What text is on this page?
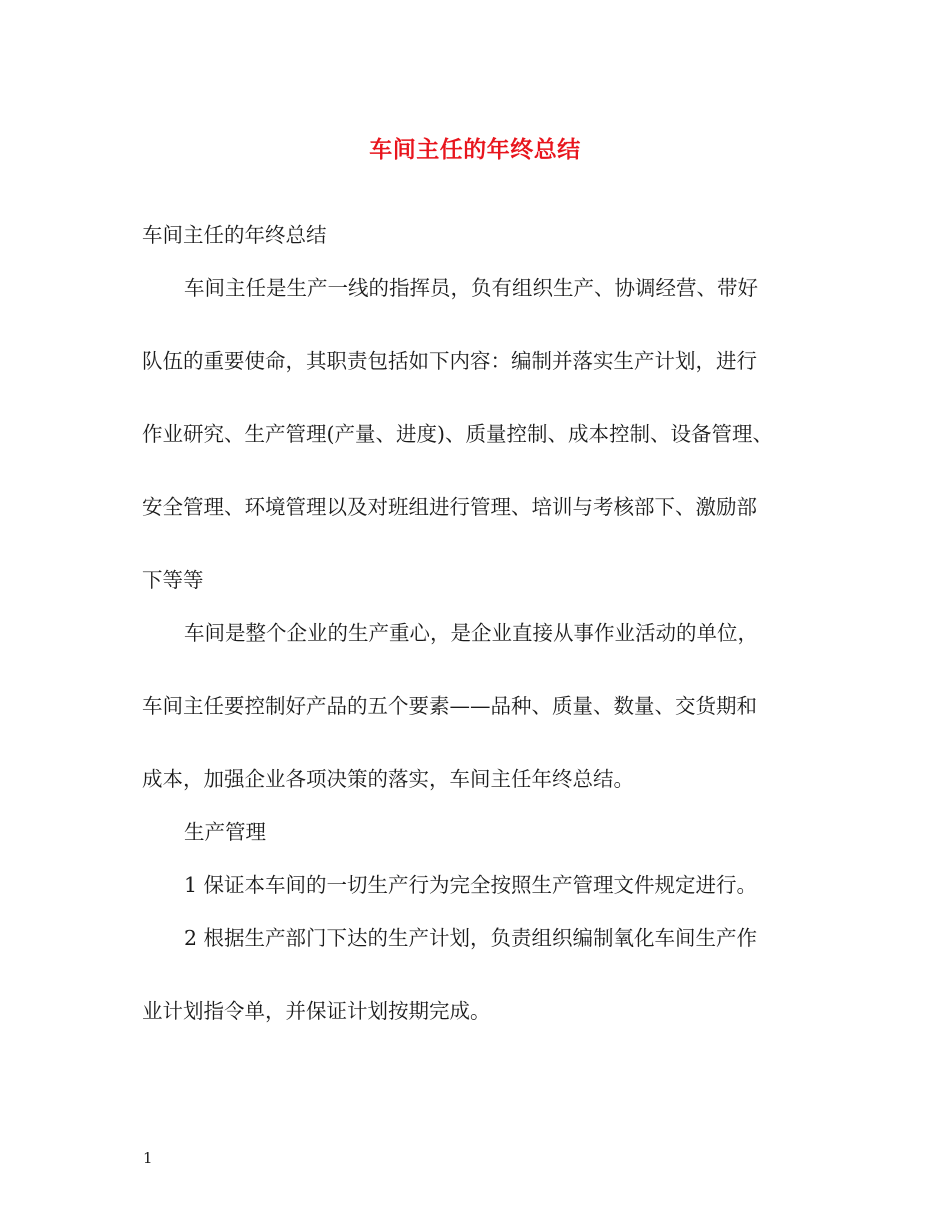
车间主任的年终总结
车间主任的年终总结
车间主任是生产一线的指挥员，负有组织生产、协调经营、带好
队伍的重要使命，其职责包括如下内容：编制并落实生产计划，进行
作业研究、生产管理(产量、进度)、质量控制、成本控制、设备管理、
安全管理、环境管理以及对班组进行管理、培训与考核部下、激励部
下等等
车间是整个企业的生产重心，是企业直接从事作业活动的单位，
车间主任要控制好产品的五个要素——品种、质量、数量、交货期和
成本，加强企业各项决策的落实，车间主任年终总结。
生产管理
1 保证本车间的一切生产行为完全按照生产管理文件规定进行。
2 根据生产部门下达的生产计划，负责组织编制氧化车间生产作
业计划指令单，并保证计划按期完成。
1
